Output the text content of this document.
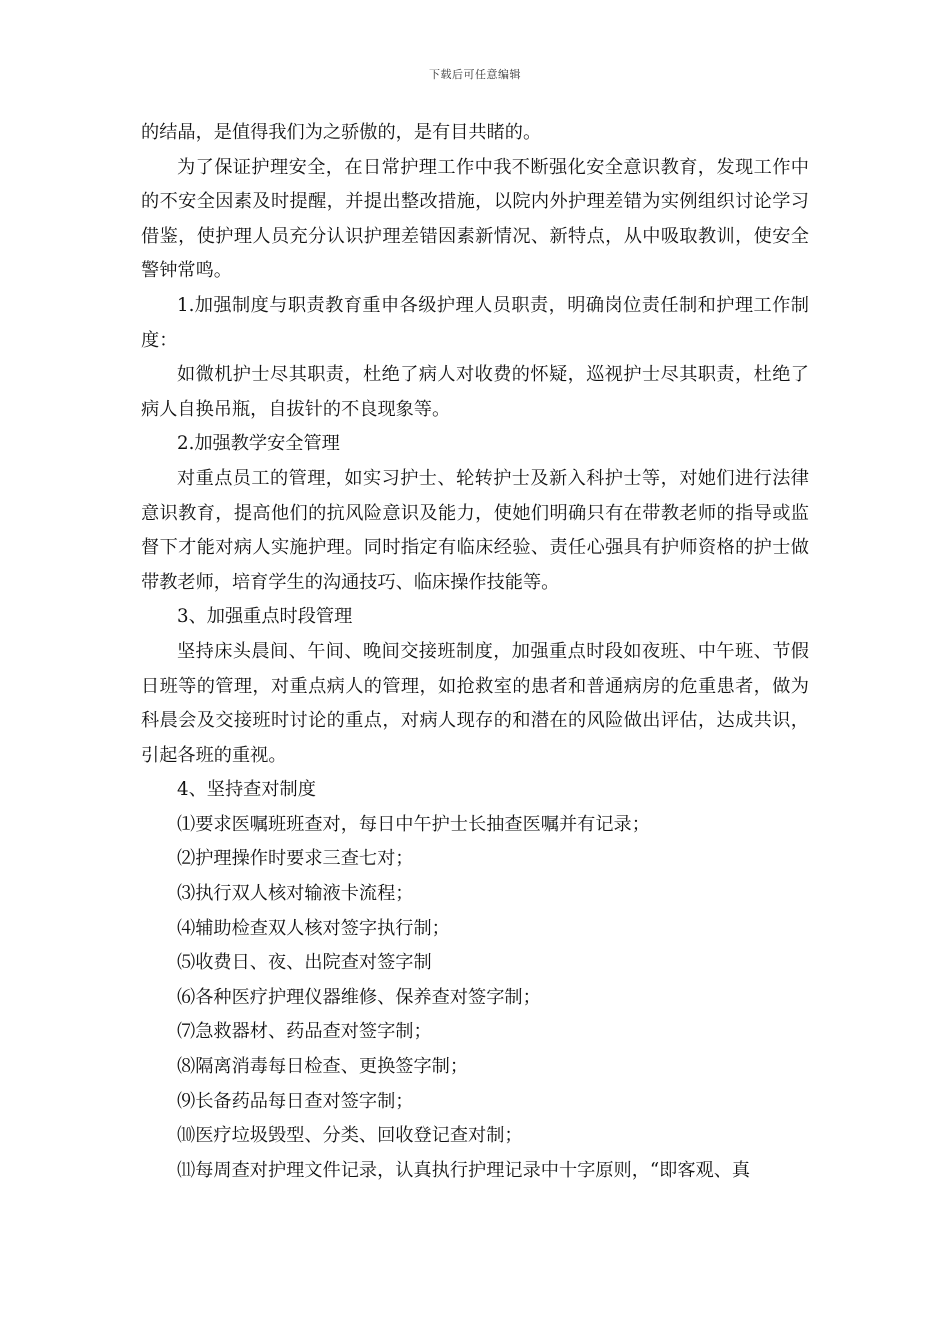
下载后可任意编辑

的结晶，是值得我们为之骄傲的，是有目共睹的。

为了保证护理安全，在日常护理工作中我不断强化安全意识教育，发现工作中的不安全因素及时提醒，并提出整改措施，以院内外护理差错为实例组织讨论学习借鉴，使护理人员充分认识护理差错因素新情况、新特点，从中吸取教训，使安全警钟常鸣。

1.加强制度与职责教育重申各级护理人员职责，明确岗位责任制和护理工作制度：

如微机护士尽其职责，杜绝了病人对收费的怀疑，巡视护士尽其职责，杜绝了病人自换吊瓶，自拔针的不良现象等。

2.加强教学安全管理

对重点员工的管理，如实习护士、轮转护士及新入科护士等，对她们进行法律意识教育，提高他们的抗风险意识及能力，使她们明确只有在带教老师的指导或监督下才能对病人实施护理。同时指定有临床经验、责任心强具有护师资格的护士做带教老师，培育学生的沟通技巧、临床操作技能等。

3、加强重点时段管理

坚持床头晨间、午间、晚间交接班制度，加强重点时段如夜班、中午班、节假日班等的管理，对重点病人的管理，如抢救室的患者和普通病房的危重患者，做为科晨会及交接班时讨论的重点，对病人现存的和潜在的风险做出评估，达成共识，引起各班的重视。

4、坚持查对制度

⑴要求医嘱班班查对，每日中午护士长抽查医嘱并有记录；

⑵护理操作时要求三查七对；

⑶执行双人核对输液卡流程；

⑷辅助检查双人核对签字执行制；

⑸收费日、夜、出院查对签字制

⑹各种医疗护理仪器维修、保养查对签字制；

⑺急救器材、药品查对签字制；

⑻隔离消毒每日检查、更换签字制；

⑼长备药品每日查对签字制；

⑽医疗垃圾毁型、分类、回收登记查对制；

⑾每周查对护理文件记录，认真执行护理记录中十字原则，“即客观、真
